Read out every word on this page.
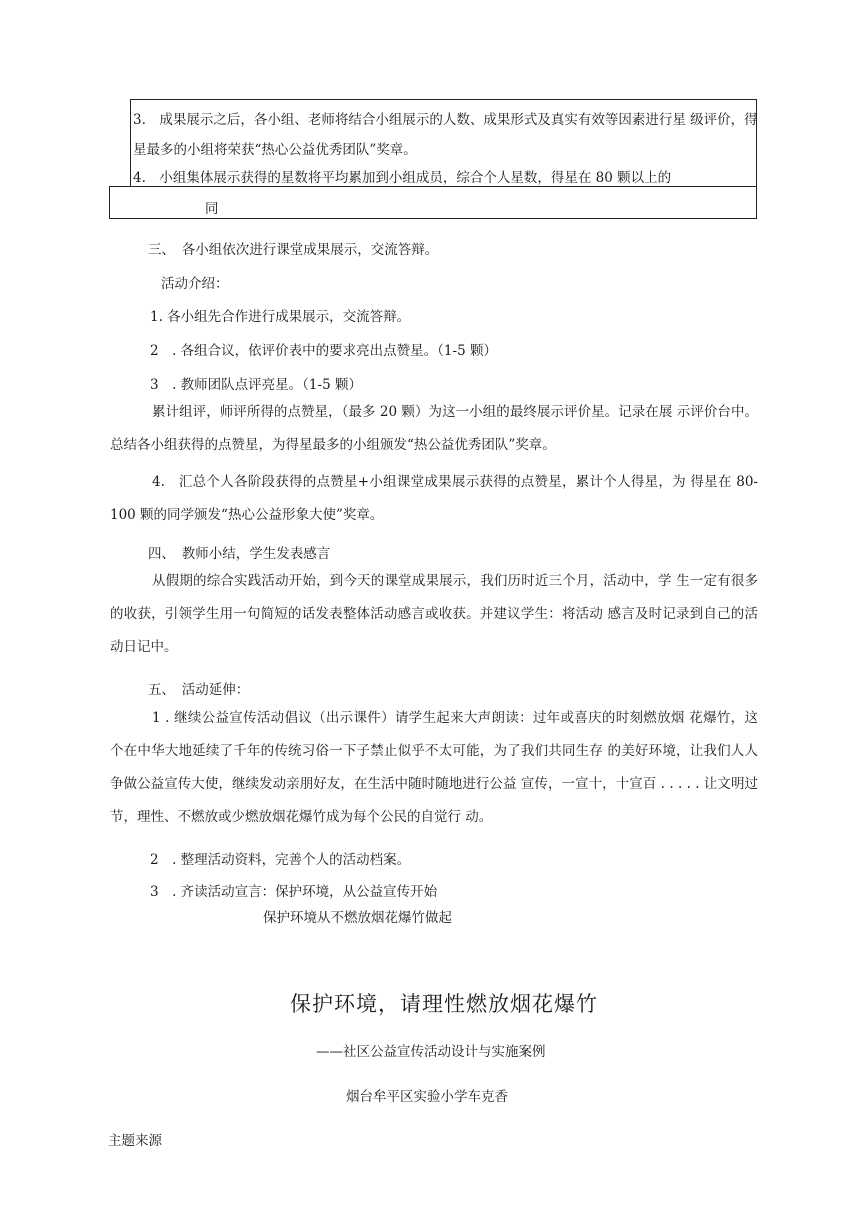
3.　成果展示之后，各小组、老师将结合小组展示的人数、成果形式及真实有效等因素进行星 级评价，得
星最多的小组将荣获“热心公益优秀团队”奖章。
4.　小组集体展示获得的星数将平均累加到小组成员，综合个人星数，得星在 80 颗以上的
同
三、　各小组依次进行课堂成果展示，交流答辩。
活动介绍：
1. 各小组先合作进行成果展示，交流答辩。
2　. 各组合议，依评价表中的要求亮出点赞星。（1-5 颗）
3　. 教师团队点评亮星。（1-5 颗）
累计组评，师评所得的点赞星，（最多 20 颗）为这一小组的最终展示评价星。记录在展 示评价台中。总结各小组获得的点赞星，为得星最多的小组颁发“热公益优秀团队”奖章。
4.　汇总个人各阶段获得的点赞星+小组课堂成果展示获得的点赞星，累计个人得星，为 得星在 80-100 颗的同学颁发“热心公益形象大使”奖章。
四、　教师小结，学生发表感言
从假期的综合实践活动开始，到今天的课堂成果展示，我们历时近三个月，活动中，学 生一定有很多的收获，引领学生用一句简短的话发表整体活动感言或收获。并建议学生：将活动 感言及时记录到自己的活动日记中。
五、　活动延伸：
1 . 继续公益宣传活动倡议（出示课件）请学生起来大声朗读：过年或喜庆的时刻燃放烟 花爆竹，这个在中华大地延续了千年的传统习俗一下子禁止似乎不太可能，为了我们共同生存 的美好环境，让我们人人争做公益宣传大使，继续发动亲朋好友，在生活中随时随地进行公益 宣传，一宣十，十宣百 . . . . . 让文明过节，理性、不燃放或少燃放烟花爆竹成为每个公民的自觉行 动。
2　. 整理活动资料，完善个人的活动档案。
3　. 齐读活动宣言：保护环境，从公益宣传开始
保护环境从不燃放烟花爆竹做起
保护环境，请理性燃放烟花爆竹
——社区公益宣传活动设计与实施案例
烟台牟平区实验小学车克香
主题来源
